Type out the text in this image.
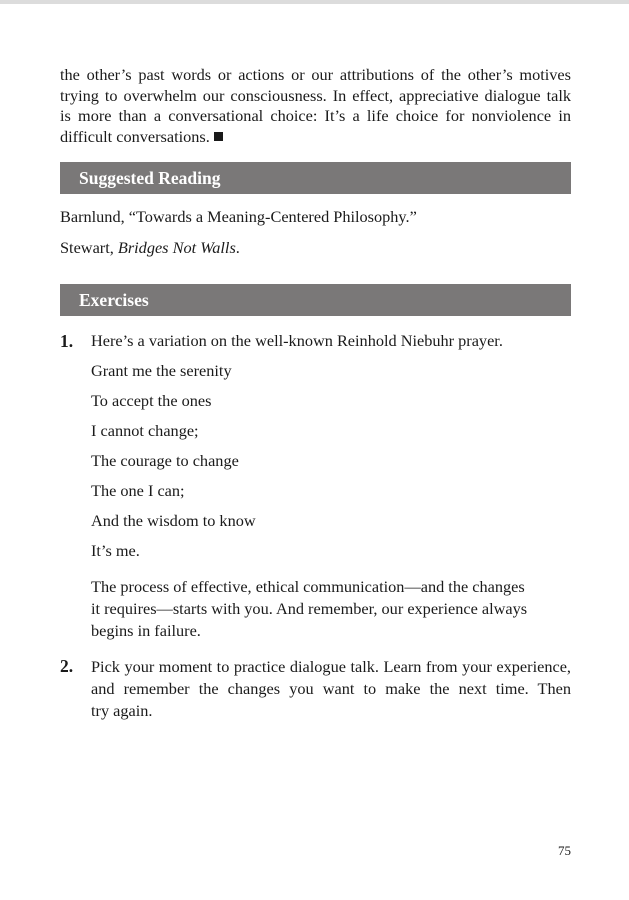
the other’s past words or actions or our attributions of the other’s motives
trying to overwhelm our consciousness. In effect, appreciative dialogue talk
is more than a conversational choice: It’s a life choice for nonviolence in
difficult conversations.
Suggested Reading
Barnlund, “Towards a Meaning-Centered Philosophy.”
Stewart, Bridges Not Walls.
Exercises
1. Here’s a variation on the well-known Reinhold Niebuhr prayer.
Grant me the serenity
To accept the ones
I cannot change;
The courage to change
The one I can;
And the wisdom to know
It’s me.
The process of effective, ethical communication—and the changes
it requires—starts with you. And remember, our experience always
begins in failure.
2. Pick your moment to practice dialogue talk. Learn from your experience,
and remember the changes you want to make the next time. Then
try again.
75
